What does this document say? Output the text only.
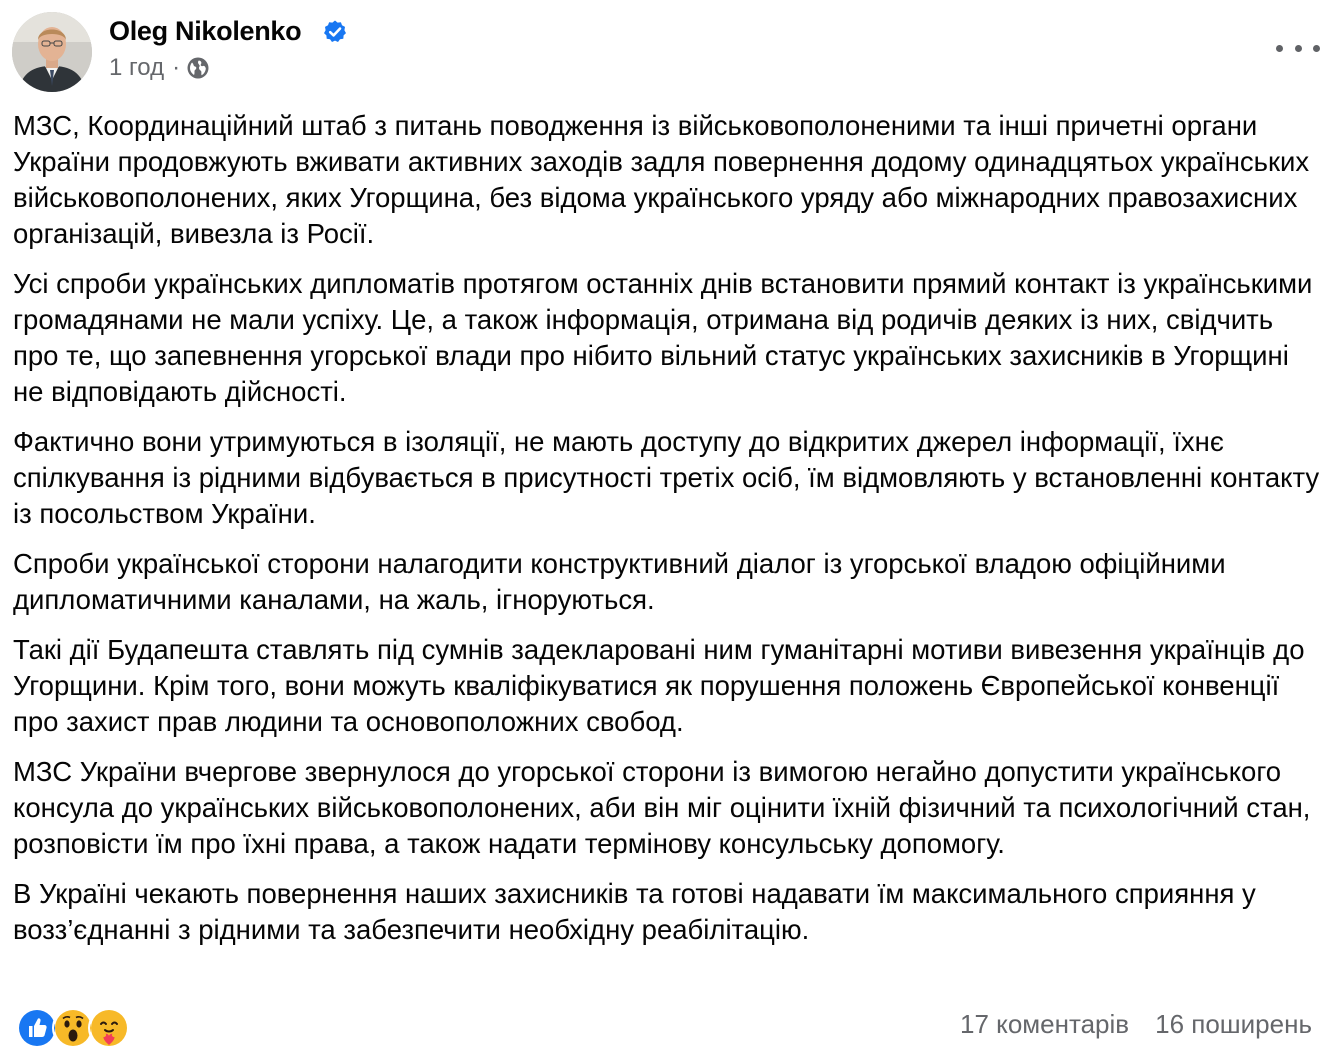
Oleg Nikolenko
1 год ·

МЗС, Координаційний штаб з питань поводження із військовополоненими та інші причетні органи України продовжують вживати активних заходів задля повернення додому одинадцятьох українських військовополонених, яких Угорщина, без відома українського уряду або міжнародних правозахисних організацій, вивезла із Росії.

Усі спроби українських дипломатів протягом останніх днів встановити прямий контакт із українськими громадянами не мали успіху. Це, а також інформація, отримана від родичів деяких із них, свідчить про те, що запевнення угорської влади про нібито вільний статус українських захисників в Угорщині не відповідають дійсності.

Фактично вони утримуються в ізоляції, не мають доступу до відкритих джерел інформації, їхнє спілкування із рідними відбувається в присутності третіх осіб, їм відмовляють у встановленні контакту із посольством України.

Спроби української сторони налагодити конструктивний діалог із угорської владою офіційними дипломатичними каналами, на жаль, ігноруються.

Такі дії Будапешта ставлять під сумнів задекларовані ним гуманітарні мотиви вивезення українців до Угорщини. Крім того, вони можуть кваліфікуватися як порушення положень Європейської конвенції про захист прав людини та основоположних свобод.

МЗС України вчергове звернулося до угорської сторони із вимогою негайно допустити українського консула до українських військовополонених, аби він міг оцінити їхній фізичний та психологічний стан, розповісти їм про їхні права, а також надати термінову консульську допомогу.

В Україні чекають повернення наших захисників та готові надавати їм максимального сприяння у возз’єднанні з рідними та забезпечити необхідну реабілітацію.

17 коментарів 16 поширень
